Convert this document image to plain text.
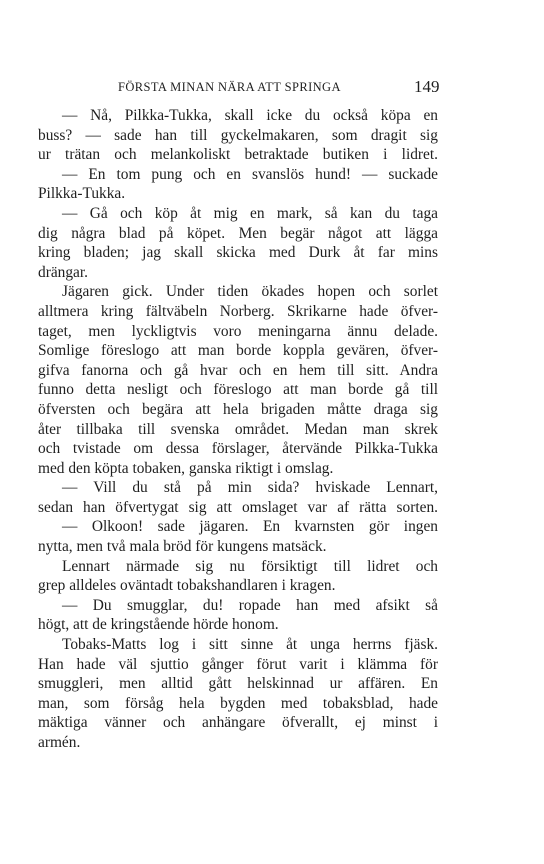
FÖRSTA MINAN NÄRA ATT SPRINGA	149
— Nå, Pilkka-Tukka, skall icke du också köpa en
buss? — sade han till gyckelmakaren, som dragit sig
ur trätan och melankoliskt betraktade butiken i lidret.
— En tom pung och en svanslös hund! — suckade
Pilkka-Tukka.
— Gå och köp åt mig en mark, så kan du taga
dig några blad på köpet. Men begär något att lägga
kring bladen; jag skall skicka med Durk åt far mins
drängar.
Jägaren gick. Under tiden ökades hopen och sorlet
alltmera kring fältväbeln Norberg. Skrikarne hade öfver-
taget, men lyckligtvis voro meningarna ännu delade.
Somlige föreslogo att man borde koppla gevären, öfver-
gifva fanorna och gå hvar och en hem till sitt. Andra
funno detta nesligt och föreslogo att man borde gå till
öfversten och begära att hela brigaden måtte draga sig
åter tillbaka till svenska området. Medan man skrek
och tvistade om dessa förslager, återvände Pilkka-Tukka
med den köpta tobaken, ganska riktigt i omslag.
— Vill du stå på min sida? hviskade Lennart,
sedan han öfvertygat sig att omslaget var af rätta sorten.
— Olkoon! sade jägaren. En kvarnsten gör ingen
nytta, men två mala bröd för kungens matsäck.
Lennart närmade sig nu försiktigt till lidret och
grep alldeles oväntadt tobakshandlaren i kragen.
— Du smugglar, du! ropade han med afsikt så
högt, att de kringstående hörde honom.
Tobaks-Matts log i sitt sinne åt unga herrns fjäsk.
Han hade väl sjuttio gånger förut varit i klämma för
smuggleri, men alltid gått helskinnad ur affären. En
man, som försåg hela bygden med tobaksblad, hade
mäktiga vänner och anhängare öfverallt, ej minst i
armén.
